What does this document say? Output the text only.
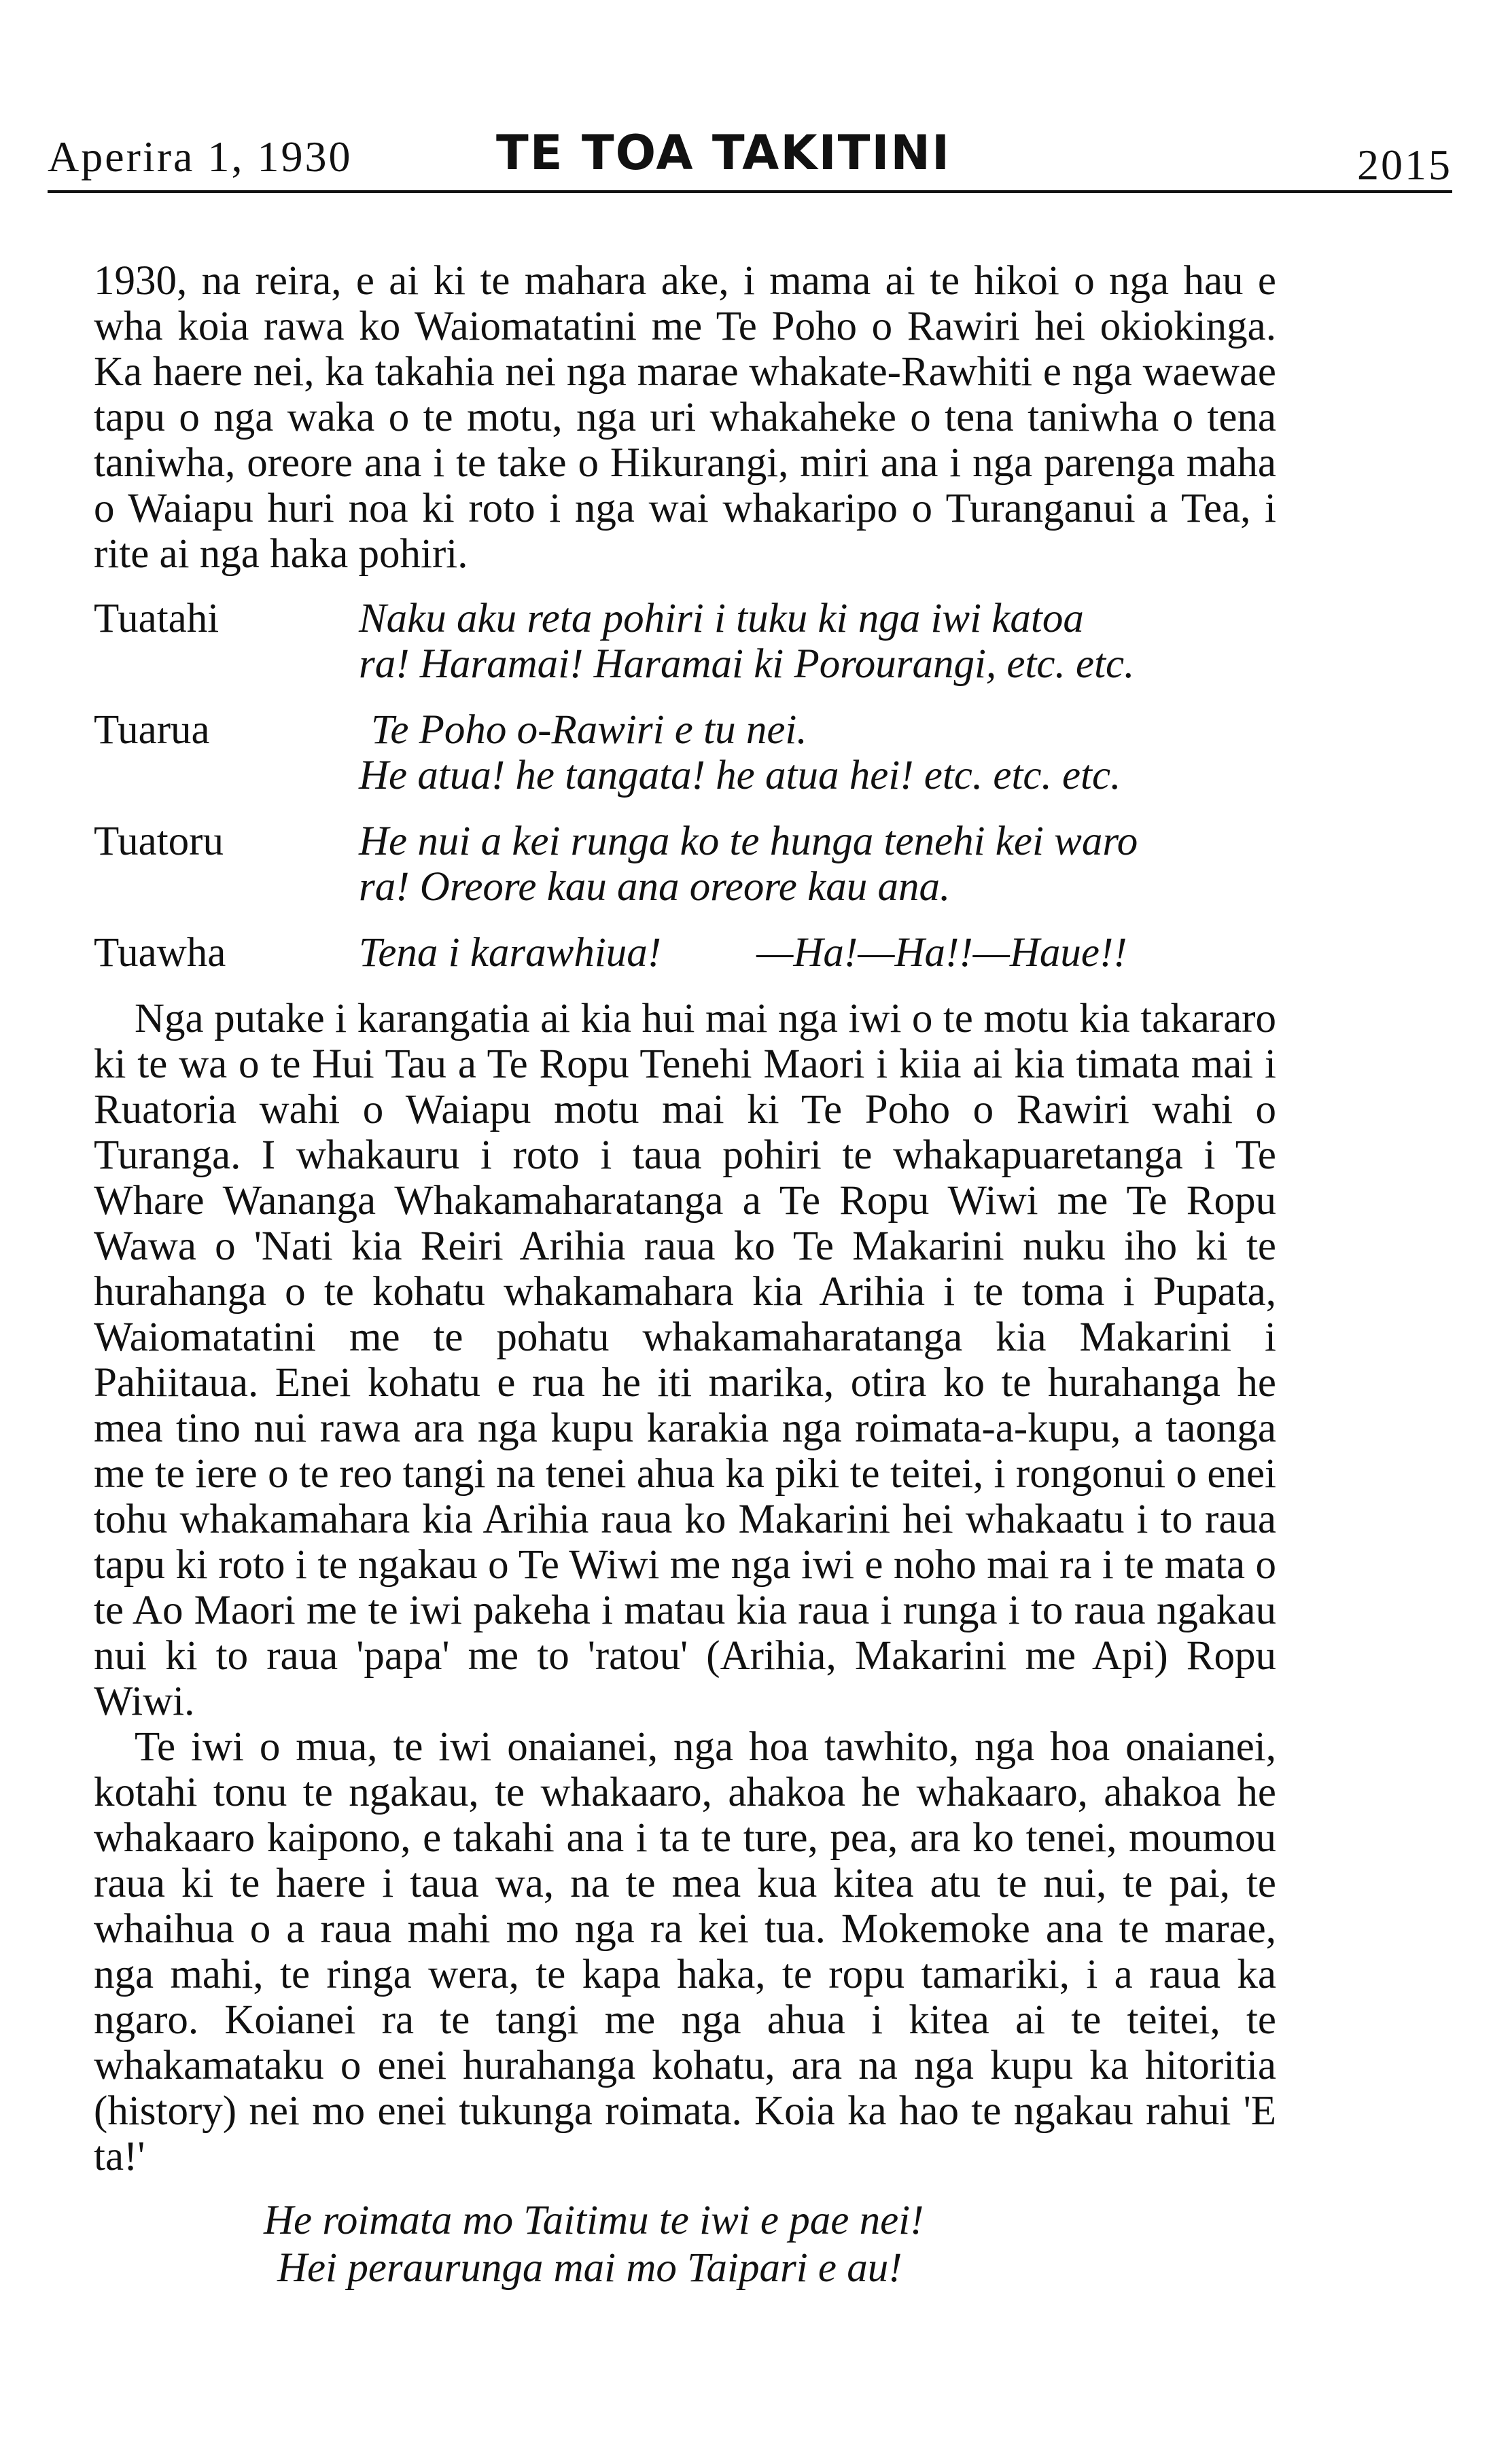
Aperira 1, 1930	TE TOA TAKITINI	2015

1930, na reira, e ai ki te mahara ake, i mama ai te hikoi o nga hau e wha koia rawa ko Waiomatatini me Te Poho o Rawiri hei okiokinga. Ka haere nei, ka takahia nei nga marae whakate-Rawhiti e nga waewae tapu o nga waka o te motu, nga uri whakaheke o tena taniwha o tena taniwha, oreore ana i te take o Hikurangi, miri ana i nga parenga maha o Waiapu huri noa ki roto i nga wai whakaripo o Turanganui a Tea, i rite ai nga haka pohiri.

Tuatahi	Naku aku reta pohiri i tuku ki nga iwi katoa
ra! Haramai! Haramai ki Porourangi, etc. etc.
Tuarua	Te Poho o-Rawiri e tu nei.
He atua! he tangata! he atua hei! etc. etc. etc.
Tuatoru	He nui a kei runga ko te hunga tenehi kei waro
ra! Oreore kau ana oreore kau ana.
Tuawha	Tena i karawhiua! —Ha!—Ha!!—Haue!!

Nga putake i karangatia ai kia hui mai nga iwi o te motu kia takararo ki te wa o te Hui Tau a Te Ropu Tenehi Maori i kiia ai kia timata mai i Ruatoria wahi o Waiapu motu mai ki Te Poho o Rawiri wahi o Turanga. I whakauru i roto i taua pohiri te whakapuaretanga i Te Whare Wananga Whakamaharatanga a Te Ropu Wiwi me Te Ropu Wawa o 'Nati kia Reiri Arihia raua ko Te Makarini nuku iho ki te hurahanga o te kohatu whakamahara kia Arihia i te toma i Pupata, Waiomatatini me te pohatu whakamaharatanga kia Makarini i Pahiitaua. Enei kohatu e rua he iti marika, otira ko te hurahanga he mea tino nui rawa ara nga kupu karakia nga roimata-a-kupu, a taonga me te iere o te reo tangi na tenei ahua ka piki te teitei, i rongonui o enei tohu whakamahara kia Arihia raua ko Makarini hei whakaatu i to raua tapu ki roto i te ngakau o Te Wiwi me nga iwi e noho mai ra i te mata o te Ao Maori me te iwi pakeha i matau kia raua i runga i to raua ngakau nui ki to raua 'papa' me to 'ratou' (Arihia, Makarini me Api) Ropu Wiwi.

Te iwi o mua, te iwi onaianei, nga hoa tawhito, nga hoa onaianei, kotahi tonu te ngakau, te whakaaro, ahakoa he whakaaro, ahakoa he whakaaro kaipono, e takahi ana i ta te ture, pea, ara ko tenei, moumou raua ki te haere i taua wa, na te mea kua kitea atu te nui, te pai, te whaihua o a raua mahi mo nga ra kei tua. Mokemoke ana te marae, nga mahi, te ringa wera, te kapa haka, te ropu tamariki, i a raua ka ngaro. Koianei ra te tangi me nga ahua i kitea ai te teitei, te whakamataku o enei hurahanga kohatu, ara na nga kupu ka hitoritia (history) nei mo enei tukunga roimata. Koia ka hao te ngakau rahui 'E ta!'

He roimata mo Taitimu te iwi e pae nei!
Hei peraurunga mai mo Taipari e au!
